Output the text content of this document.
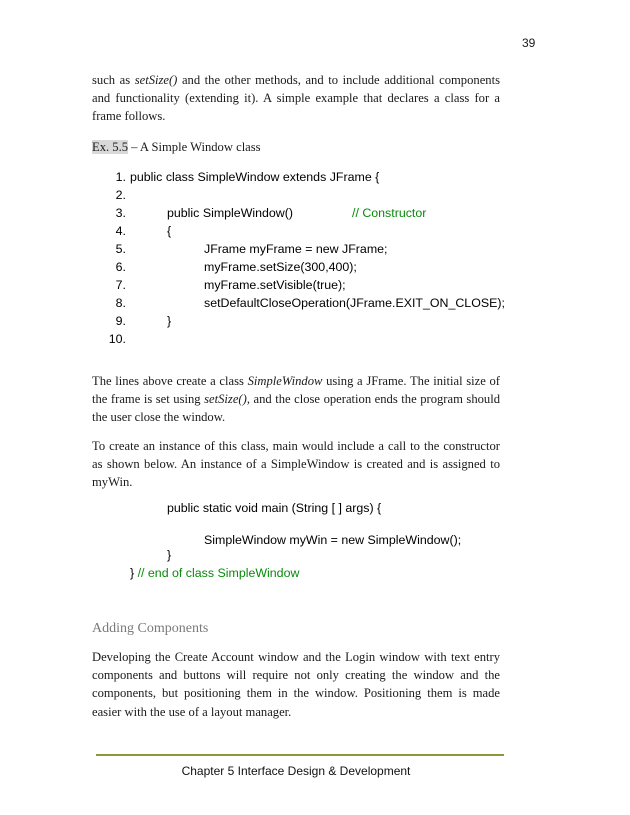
39

such as setSize() and the other methods, and to include additional components and functionality (extending it). A simple example that declares a class for a frame follows.

Ex. 5.5 – A Simple Window class
1. public class SimpleWindow extends JFrame {
2.
3.	public SimpleWindow()	// Constructor
4.	{
5.	JFrame myFrame = new JFrame;
6.	myFrame.setSize(300,400);
7.	myFrame.setVisible(true);
8.	setDefaultCloseOperation(JFrame.EXIT_ON_CLOSE);
9.	}
10.

The lines above create a class SimpleWindow using a JFrame. The initial size of the frame is set using setSize(), and the close operation ends the program should the user close the window.

To create an instance of this class, main would include a call to the constructor as shown below. An instance of a SimpleWindow is created and is assigned to myWin.

public static void main (String [ ] args) {
SimpleWindow myWin = new SimpleWindow();
}
} // end of class SimpleWindow
Adding Components

Developing the Create Account window and the Login window with text entry components and buttons will require not only creating the window and the components, but positioning them in the window. Positioning them is made easier with the use of a layout manager.

Chapter 5 Interface Design & Development
